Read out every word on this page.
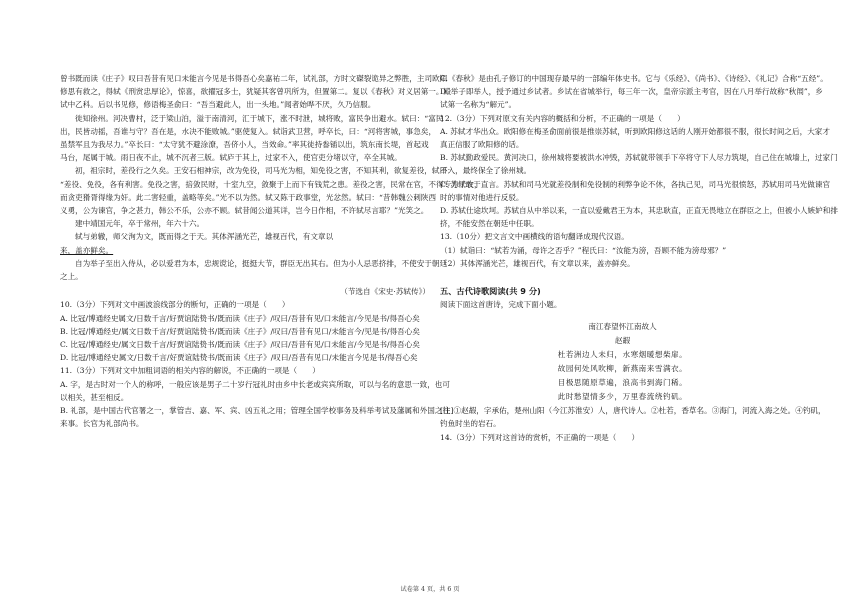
曾书既而读《庄子》叹曰吾昔有见口未能言今见是书得吾心矣嘉祐二年，试礼部，方时文磔裂诡异之弊胜，主司欧阳
修思有救之，得轼《刑赏忠厚论》，惊喜，欲擢冠多士，犹疑其客曾巩所为，但置第二。复以《春秋》对义居第一。殿
试中乙科。后以书见修，修语梅圣俞曰：“吾当避此人，出一头地。”闻者始哗不厌，久乃信服。
徙知徐州。河决曹村，泛于梁山泊，溢于南清河，汇于城下，涨不时泄，城将败，富民争出避水。轼曰：“富民
出，民皆动摇，吾谁与守？吾在是，水决不能败城。”驱使复入。轼诣武卫营，呼卒长，曰：“河将害城，事急矣，
虽禁军且为我尽力。”卒长曰：“太守犹不避涂潦，吾侪小人，当效命。”率其徒持畚锸以出，筑东南长堤，首起戏
马台，尾属于城。雨日夜不止，城不沉者三版。轼庐于其上，过家不入，使官吏分堵以守，卒全其城。
初，祖宗时，差役行之久矣。王安石相神宗，改为免役，司马光为相，知免役之害，不知其利，欲复差役，轼曰：
“差役、免役，各有利害。免役之害，掊敛民财，十室九空，敛聚于上而下有钱荒之患。差役之害，民常在官，不得专力于农，
而贪吏猾胥得缘为奸。此二害轻重，盖略等矣。”光不以为然。轼又陈于政事堂，光忿然。轼曰：“昔韩魏公刺陕西
义勇，公为谏官，争之甚力，韩公不乐，公亦不顾。轼昔闻公道其详，岂今日作相，不许轼尽言耶？”光笑之。
建中靖国元年，卒于常州，年六十六。
轼与弟辙，师父洵为文，既而得之于天。其体浑涵光芒，雄视百代，有文章以
来，盖亦鲜矣。
自为举子至出入侍从，必以爱君为本，忠规谠论，挺挺大节，群臣无出其右。但为小人忌恶挤排，不使安于朝廷
之上。
（节选自《宋史·苏轼传》）
10.（3分）下列对文中画波浪线部分的断句，正确的一项是（　　）
A. 比冠/博通经史属文/日数千言/好贾谊陆贽书/既而读《庄子》/叹曰/吾昔有见/口未能言/今见是书/得吾心矣
B. 比冠/博通经史/属文日数千言/好贾谊陆贽书/既而读《庄子》/叹曰/吾昔有见口/未能言今/见是书/得吾心矣
C. 比冠/博通经史/属文日数千言/好贾谊陆贽书/既而读《庄子》/叹曰/吾昔有见/口未能言/今见是书/得吾心矣
D. 比冠/博通经史属文/日数千言/好贾谊陆贽书/既而读《庄子》/叹曰/吾昔有见口/未能言今见是书/得吾心矣
11.（3分）下列对文中加粗词语的相关内容的解说，不正确的一项是（　　）
A. 字，是古时对一个人的称呼，一般应该是男子二十岁行冠礼时由乡中长老或宾宾所取，可以与名的意思一致，也可
以相关，甚至相反。
B. 礼部，是中国古代官署之一，掌管吉、嘉、军、宾、凶五礼之用；管理全国学校事务及科举考试及藩属和外国之往
来事。长官为礼部尚书。
C.《春秋》是由孔子修订的中国现存最早的一部编年体史书。它与《乐经》、《尚书》、《诗经》、《礼记》合称“五经”。
D. 举子即举人，授予通过乡试者。乡试在省城举行，每三年一次，皇帝宗派主考官，因在八月举行故称“秋闱”，乡
试第一名称为“解元”。
12.（3分）下列对原文有关内容的概括和分析，不正确的一项是（　　）
A. 苏轼才华出众。欧阳修在梅圣俞面前很是推崇苏轼，听到欧阳修这话的人刚开始都很不服，很长时间之后，大家才
真正信服了欧阳修的话。
B. 苏轼勤政爱民。黄河决口，徐州城将要被洪水冲毁，苏轼就带领手下卒将守下人尽力筑堤，自己住在城墙上，过家门
不入，最终保全了徐州城。
C. 苏轼敢于直言。苏轼和司马光就差役制和免役制的利弊争论不休，各执己见，司马光很愤怒，苏轼用司马光做谏官
时的事情对他进行反驳。
D. 苏轼仕途坎坷。苏轼自从中举以来，一直以爱戴君王为本，其忠耿直，正直无畏地立在群臣之上，但被小人嫉妒和排
挤，不能安然在朝廷中任职。
13.（10分）把文言文中画横线的语句翻译成现代汉语。
（1）轼诣曰：“轼若为涌，母许之否乎？”程氏曰：“汝能为滂，吾顾不能为滂母邪？”
（2）其体浑涵光芒，雄视百代，有文章以来，盖亦鲜矣。
五、古代诗歌阅读(共 9 分)
阅读下面这首唐诗，完成下面小题。
南江春望怀江南故人
赵嘏
杜若洲边人未归，水寒烟暖想柴扉。
故园何处风吹柳，新燕南来雪满衣。
目极思随原草遍，浪高书到海门稀。
此时愁望情多少，万里春流绕钓矶。
[注]①赵嘏，字承佑，楚州山阳（今江苏淮安）人，唐代诗人。②杜若，香草名。③海门，河流入海之处。④钓矶，
钓鱼时坐的岩石。
14.（3分）下列对这首诗的赏析，不正确的一项是（　　）
试卷第 4 页，共 6 页
